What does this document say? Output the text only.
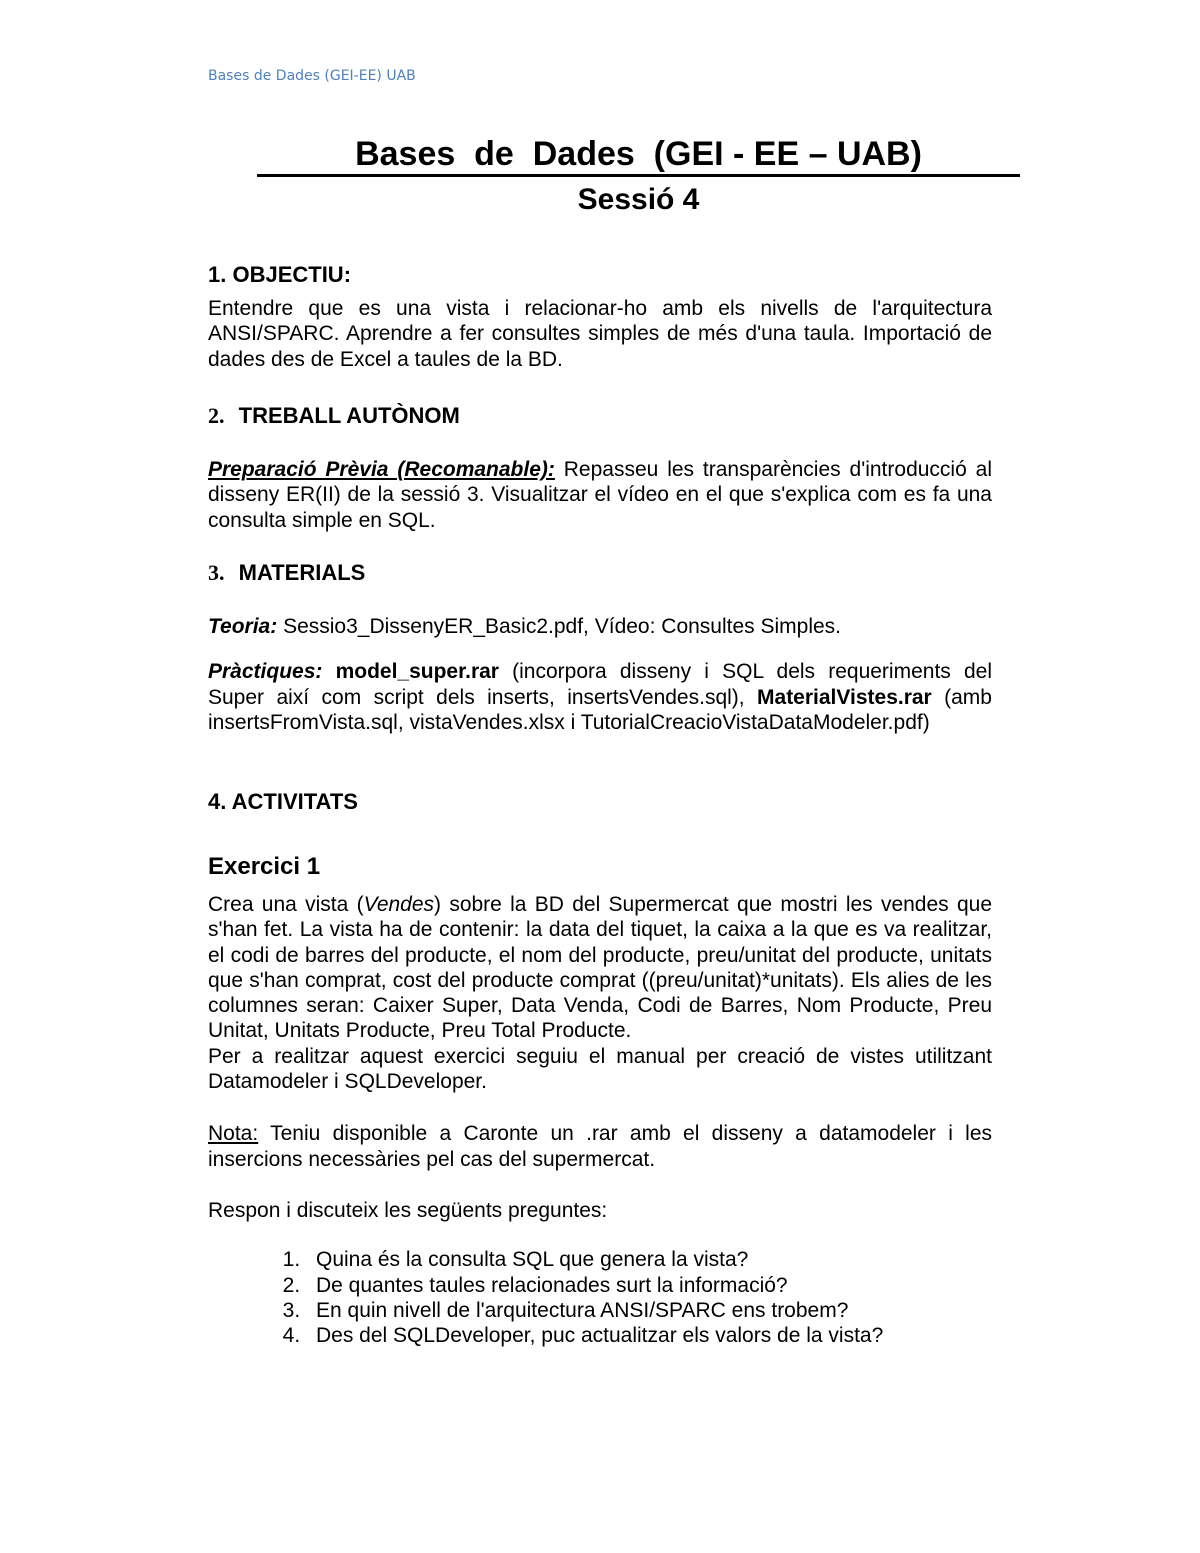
Bases de Dades (GEI-EE) UAB
Bases  de  Dades  (GEI - EE – UAB)
Sessió 4
1. OBJECTIU:

Entendre que es una vista i relacionar-ho amb els nivells de l'arquitectura ANSI/SPARC. Aprendre a fer consultes simples de més d'una taula. Importació de dades des de Excel a taules de la BD.

2. TREBALL AUTÒNOM

Preparació Prèvia (Recomanable): Repasseu les transparències d'introducció al disseny ER(II) de la sessió 3. Visualitzar el vídeo en el que s'explica com es fa una consulta simple en SQL.

3. MATERIALS

Teoria: Sessio3_DissenyER_Basic2.pdf, Vídeo: Consultes Simples.

Pràctiques: model_super.rar (incorpora disseny i SQL dels requeriments del Super així com script dels inserts, insertsVendes.sql), MaterialVistes.rar (amb insertsFromVista.sql, vistaVendes.xlsx i TutorialCreacioVistaDataModeler.pdf)

4. ACTIVITATS
Exercici 1

Crea una vista (Vendes) sobre la BD del Supermercat que mostri les vendes que s'han fet. La vista ha de contenir: la data del tiquet, la caixa a la que es va realitzar, el codi de barres del producte, el nom del producte, preu/unitat del producte, unitats que s'han comprat, cost del producte comprat ((preu/unitat)*unitats). Els alies de les columnes seran: Caixer Super, Data Venda, Codi de Barres, Nom Producte, Preu Unitat, Unitats Producte, Preu Total Producte.

Per a realitzar aquest exercici seguiu el manual per creació de vistes utilitzant Datamodeler i SQLDeveloper.

Nota: Teniu disponible a Caronte un .rar amb el disseny a datamodeler i les insercions necessàries pel cas del supermercat.

Respon i discuteix les següents preguntes:

1. Quina és la consulta SQL que genera la vista?
2. De quantes taules relacionades surt la informació?
3. En quin nivell de l'arquitectura ANSI/SPARC ens trobem?
4. Des del SQLDeveloper, puc actualitzar els valors de la vista?
